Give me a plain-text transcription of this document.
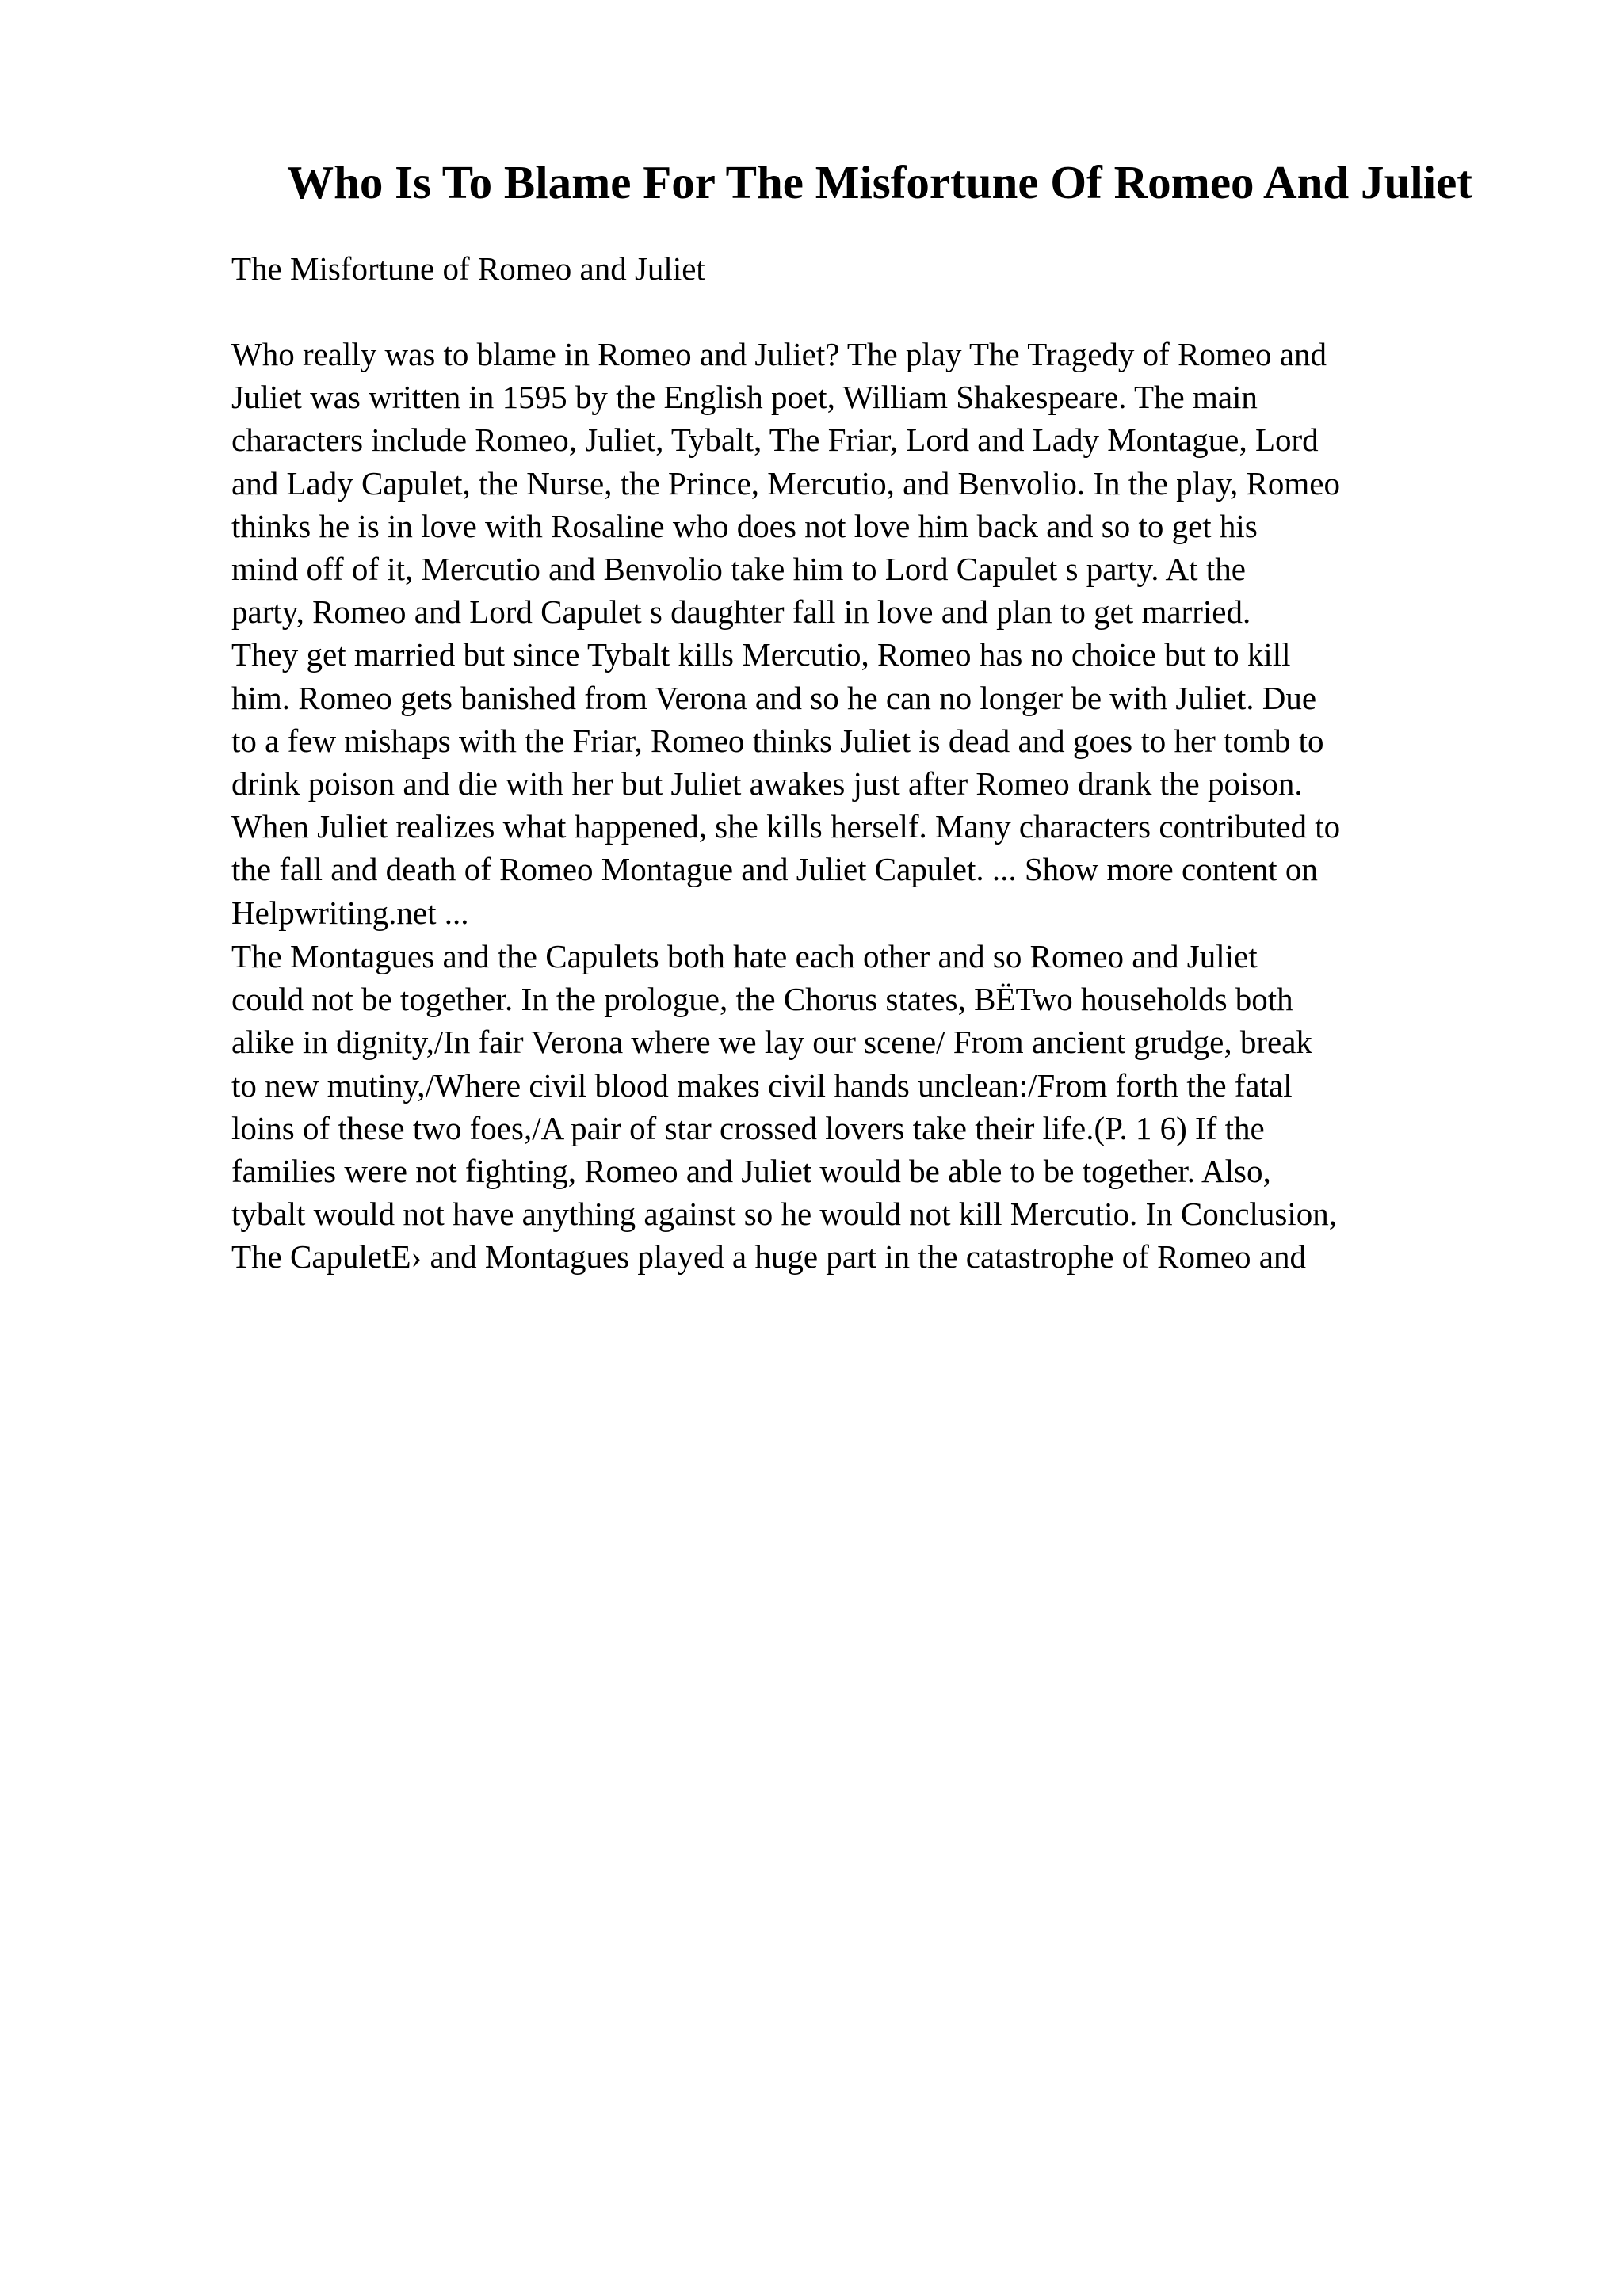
Who Is To Blame For The Misfortune Of Romeo And Juliet

The Misfortune of Romeo and Juliet

Who really was to blame in Romeo and Juliet? The play The Tragedy of Romeo and
Juliet was written in 1595 by the English poet, William Shakespeare. The main
characters include Romeo, Juliet, Tybalt, The Friar, Lord and Lady Montague, Lord
and Lady Capulet, the Nurse, the Prince, Mercutio, and Benvolio. In the play, Romeo
thinks he is in love with Rosaline who does not love him back and so to get his
mind off of it, Mercutio and Benvolio take him to Lord Capulet s party. At the
party, Romeo and Lord Capulet s daughter fall in love and plan to get married.
They get married but since Tybalt kills Mercutio, Romeo has no choice but to kill
him. Romeo gets banished from Verona and so he can no longer be with Juliet. Due
to a few mishaps with the Friar, Romeo thinks Juliet is dead and goes to her tomb to
drink poison and die with her but Juliet awakes just after Romeo drank the poison.
When Juliet realizes what happened, she kills herself. Many characters contributed to
the fall and death of Romeo Montague and Juliet Capulet. ... Show more content on
Helpwriting.net ...

The Montagues and the Capulets both hate each other and so Romeo and Juliet
could not be together. In the prologue, the Chorus states, BËTwo households both
alike in dignity,/In fair Verona where we lay our scene/ From ancient grudge, break
to new mutiny,/Where civil blood makes civil hands unclean:/From forth the fatal
loins of these two foes,/A pair of star crossed lovers take their life.(P. 1 6) If the
families were not fighting, Romeo and Juliet would be able to be together. Also,
tybalt would not have anything against so he would not kill Mercutio. In Conclusion,
The CapuletE› and Montagues played a huge part in the catastrophe of Romeo and
